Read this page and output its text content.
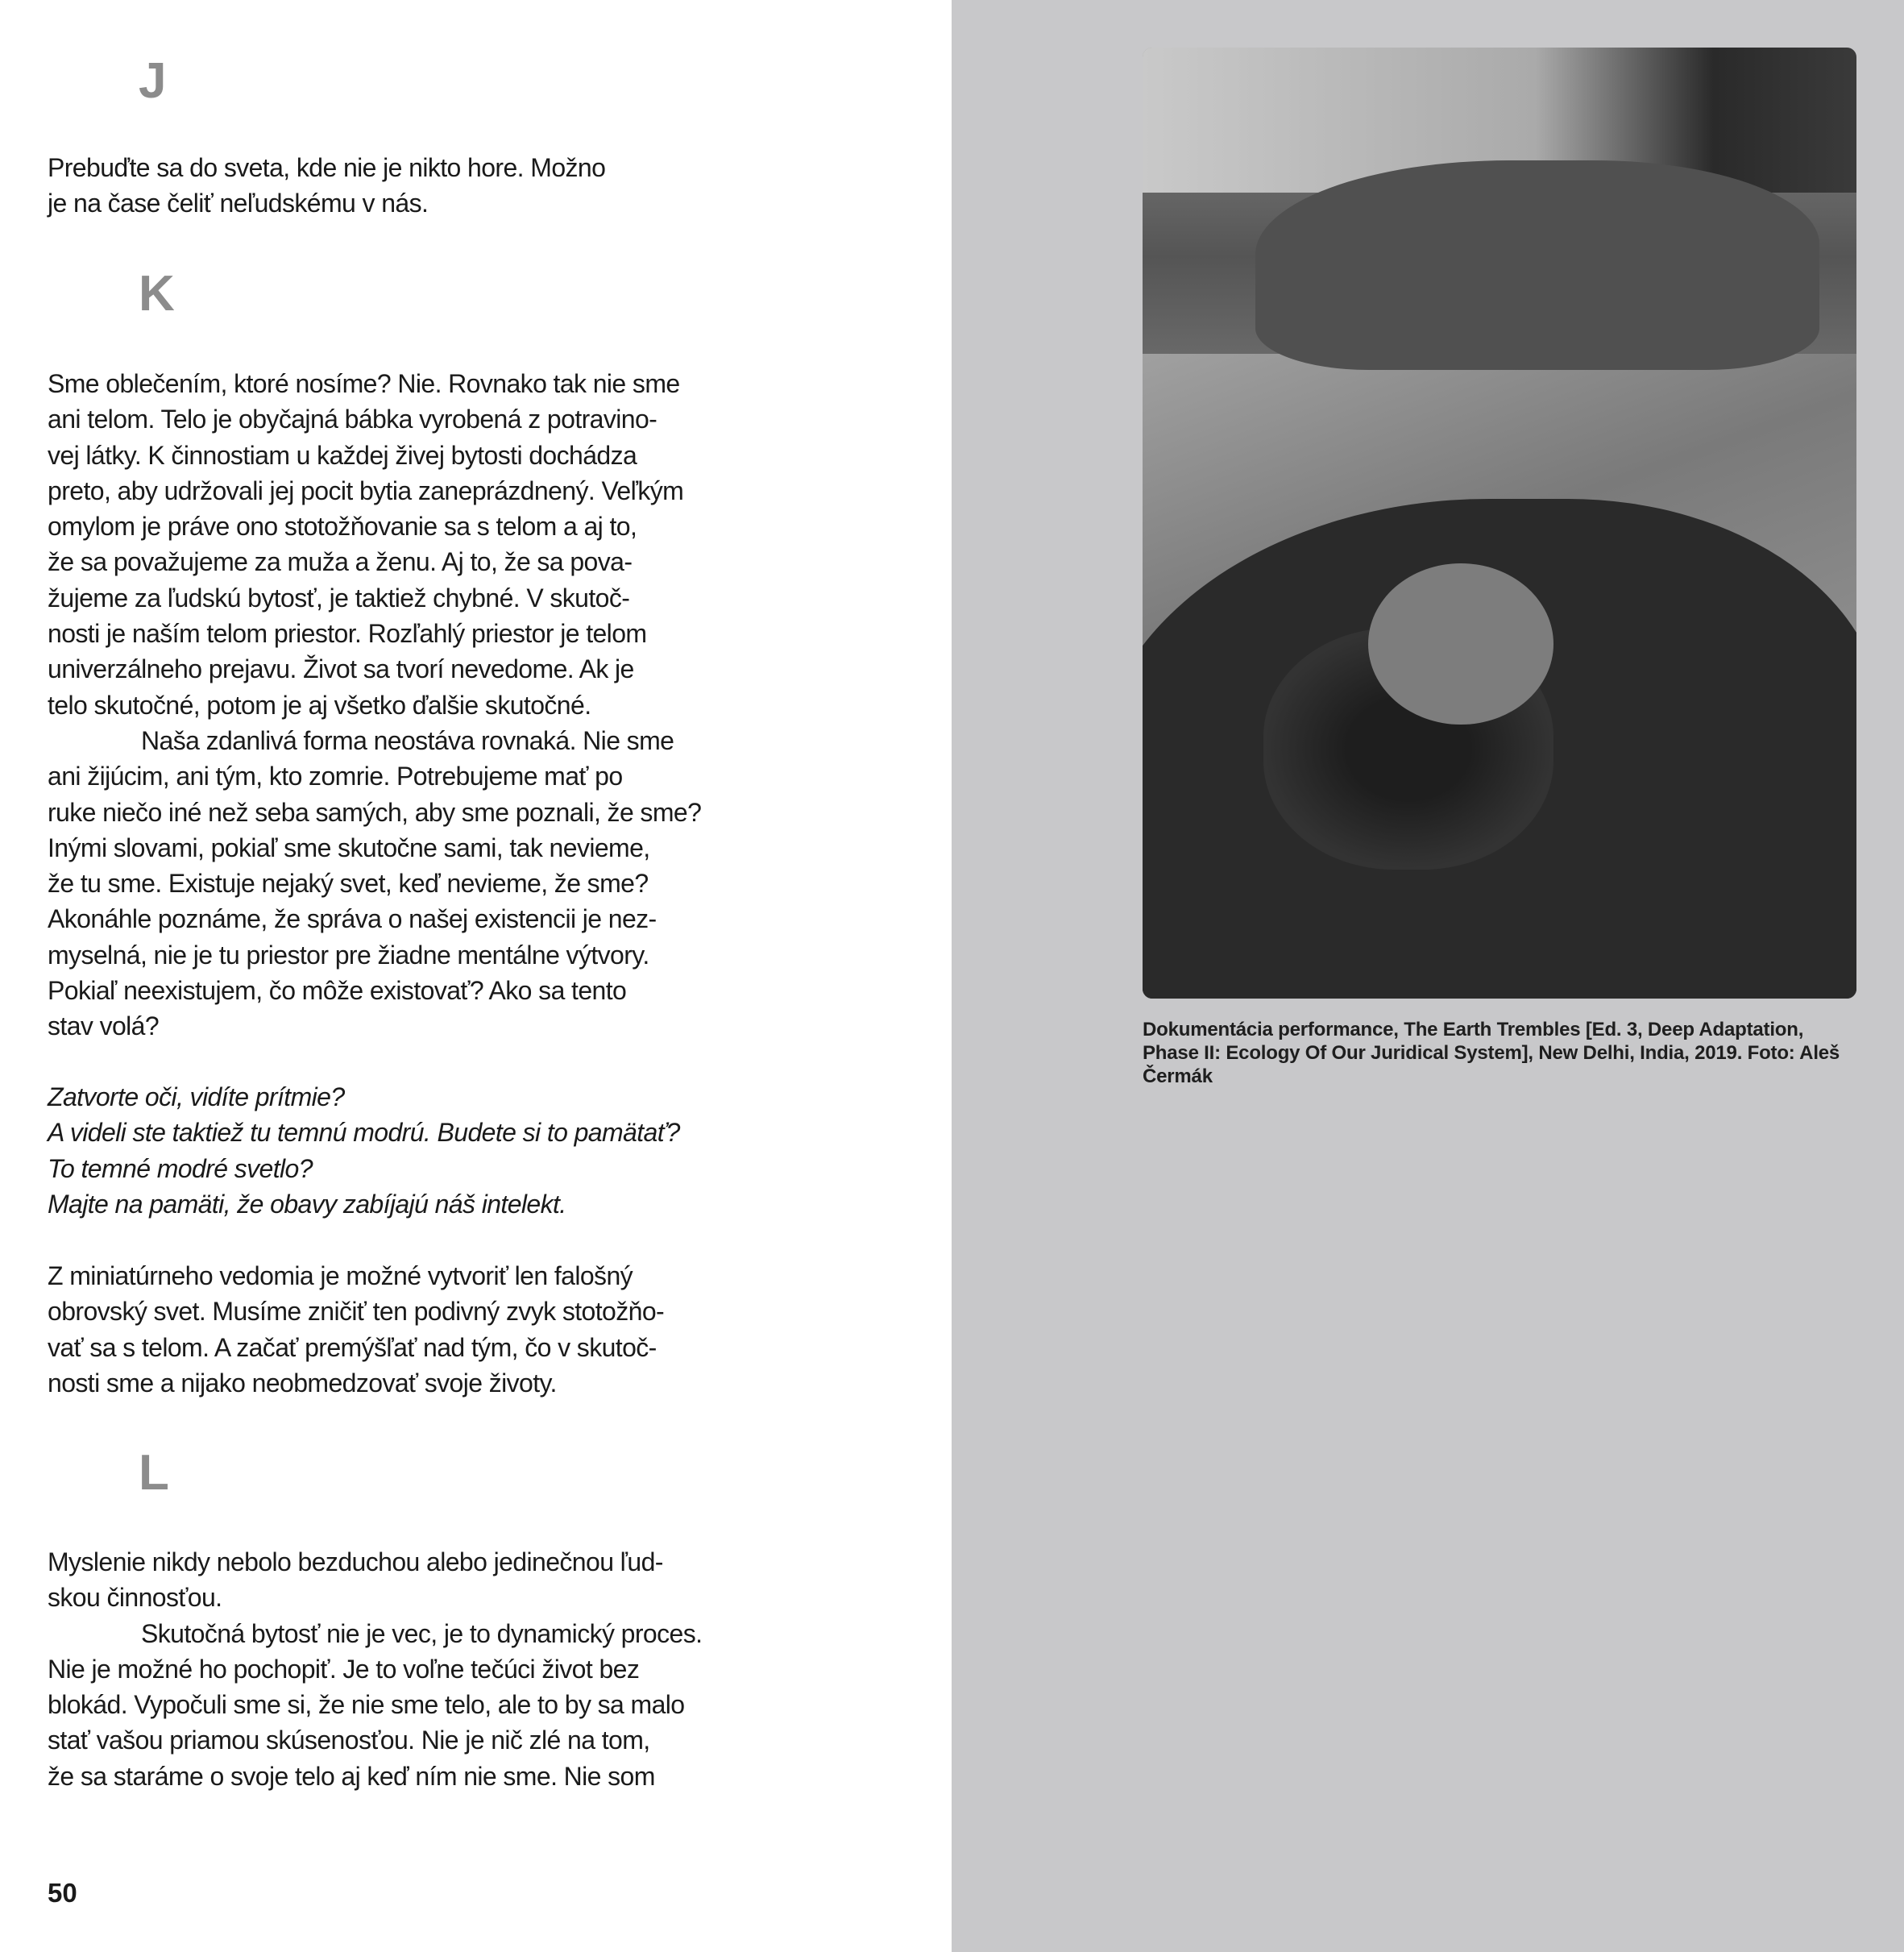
J
Prebuďte sa do sveta, kde nie je nikto hore. Možno
je na čase čeliť neľudskému v nás.
K
Sme oblečením, ktoré nosíme? Nie. Rovnako tak nie sme
ani telom. Telo je obyčajná bábka vyrobená z potravino-
vej látky. K činnostiam u každej živej bytosti dochádza
preto, aby udržovali jej pocit bytia zaneprázdnený. Veľkým
omylom je práve ono stotožňovanie sa s telom a aj to,
že sa považujeme za muža a ženu. Aj to, že sa pova-
žujeme za ľudskú bytosť, je taktiež chybné. V skutoč-
nosti je naším telom priestor. Rozľahlý priestor je telom
univerzálneho prejavu. Život sa tvorí nevedome. Ak je
telo skutočné, potom je aj všetko ďalšie skutočné.
Naša zdanlivá forma neostáva rovnaká. Nie sme
ani žijúcim, ani tým, kto zomrie. Potrebujeme mať po
ruke niečo iné než seba samých, aby sme poznali, že sme?
Inými slovami, pokiaľ sme skutočne sami, tak nevieme,
že tu sme. Existuje nejaký svet, keď nevieme, že sme?
Akonáhle poznáme, že správa o našej existencii je nez-
myselná, nie je tu priestor pre žiadne mentálne výtvory.
Pokiaľ neexistujem, čo môže existovať? Ako sa tento
stav volá?
Zatvorte oči, vidíte prítmie?
A videli ste taktiež tu temnú modrú. Budete si to pamätať?
To temné modré svetlo?
Majte na pamäti, že obavy zabíjajú náš intelekt.
Z miniatúrneho vedomia je možné vytvoriť len falošný
obrovský svet. Musíme zničiť ten podivný zvyk stotožňo-
vať sa s telom. A začať premýšľať nad tým, čo v skutoč-
nosti sme a nijako neobmedzovať svoje životy.
L
Myslenie nikdy nebolo bezduchou alebo jedinečnou ľud-
skou činnosťou.
Skutočná bytosť nie je vec, je to dynamický proces.
Nie je možné ho pochopiť. Je to voľne tečúci život bez
blokád. Vypočuli sme si, že nie sme telo, ale to by sa malo
stať vašou priamou skúsenosťou. Nie je nič zlé na tom,
že sa staráme o svoje telo aj keď ním nie sme. Nie som
50
Dokumentácia performance, The Earth Trembles [Ed. 3, Deep Adaptation, Phase II: Ecology Of Our Juridical System], New Delhi, India, 2019. Foto: Aleš Čermák
